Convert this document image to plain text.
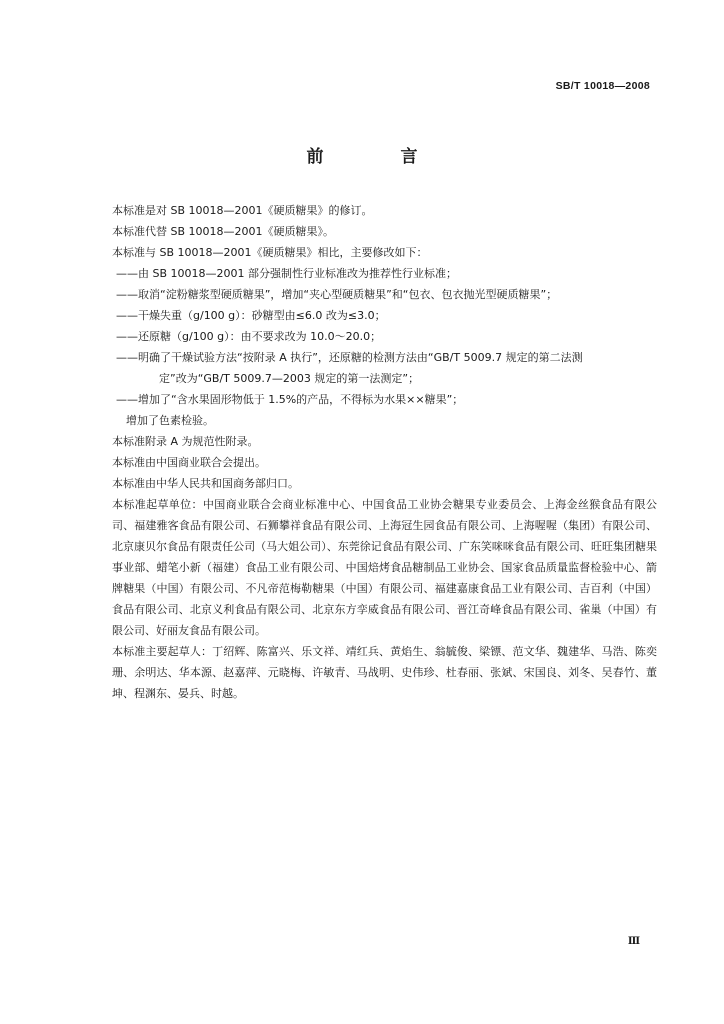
SB/T 10018—2008
前　言
本标准是对 SB 10018—2001《硬质糖果》的修订。
本标准代替 SB 10018—2001《硬质糖果》。
本标准与 SB 10018—2001《硬质糖果》相比，主要修改如下：
——由 SB 10018—2001 部分强制性行业标准改为推荐性行业标准；
——取消“淀粉糖浆型硬质糖果”，增加“夹心型硬质糖果”和“包衣、包衣抛光型硬质糖果”；
——干燥失重（g/100 g）：砂糖型由≤6.0 改为≤3.0；
——还原糖（g/100 g）：由不要求改为 10.0～20.0；
——明确了干燥试验方法“按附录 A 执行”，还原糖的检测方法由“GB/T 5009.7 规定的第二法测
定”改为“GB/T 5009.7—2003 规定的第一法测定”；
——增加了“含水果固形物低于 1.5%的产品，不得标为水果××糖果”；
增加了色素检验。
本标准附录 A 为规范性附录。
本标准由中国商业联合会提出。
本标准由中华人民共和国商务部归口。
本标准起草单位：中国商业联合会商业标准中心、中国食品工业协会糖果专业委员会、上海金丝猴食品有限公司、福建雅客食品有限公司、石狮攀祥食品有限公司、上海冠生园食品有限公司、上海喔喔（集团）有限公司、北京康贝尔食品有限责任公司（马大姐公司）、东莞徐记食品有限公司、广东笑咪咪食品有限公司、旺旺集团糖果事业部、蜡笔小新（福建）食品工业有限公司、中国焙烤食品糖制品工业协会、国家食品质量监督检验中心、箭牌糖果（中国）有限公司、不凡帝范梅勒糖果（中国）有限公司、福建嘉康食品工业有限公司、吉百利（中国）食品有限公司、北京义利食品有限公司、北京东方孪威食品有限公司、晋江奇峰食品有限公司、雀巢（中国）有限公司、好丽友食品有限公司。
本标准主要起草人：丁绍辉、陈富兴、乐文祥、靖红兵、黄焰生、翁毓俊、梁镖、范文华、魏建华、马浩、陈奕珊、余明达、华本源、赵嘉萍、元晓梅、许敏青、马战明、史伟珍、杜春丽、张斌、宋国良、刘冬、吴春竹、董坤、程渊东、晏兵、时越。
Ⅲ
